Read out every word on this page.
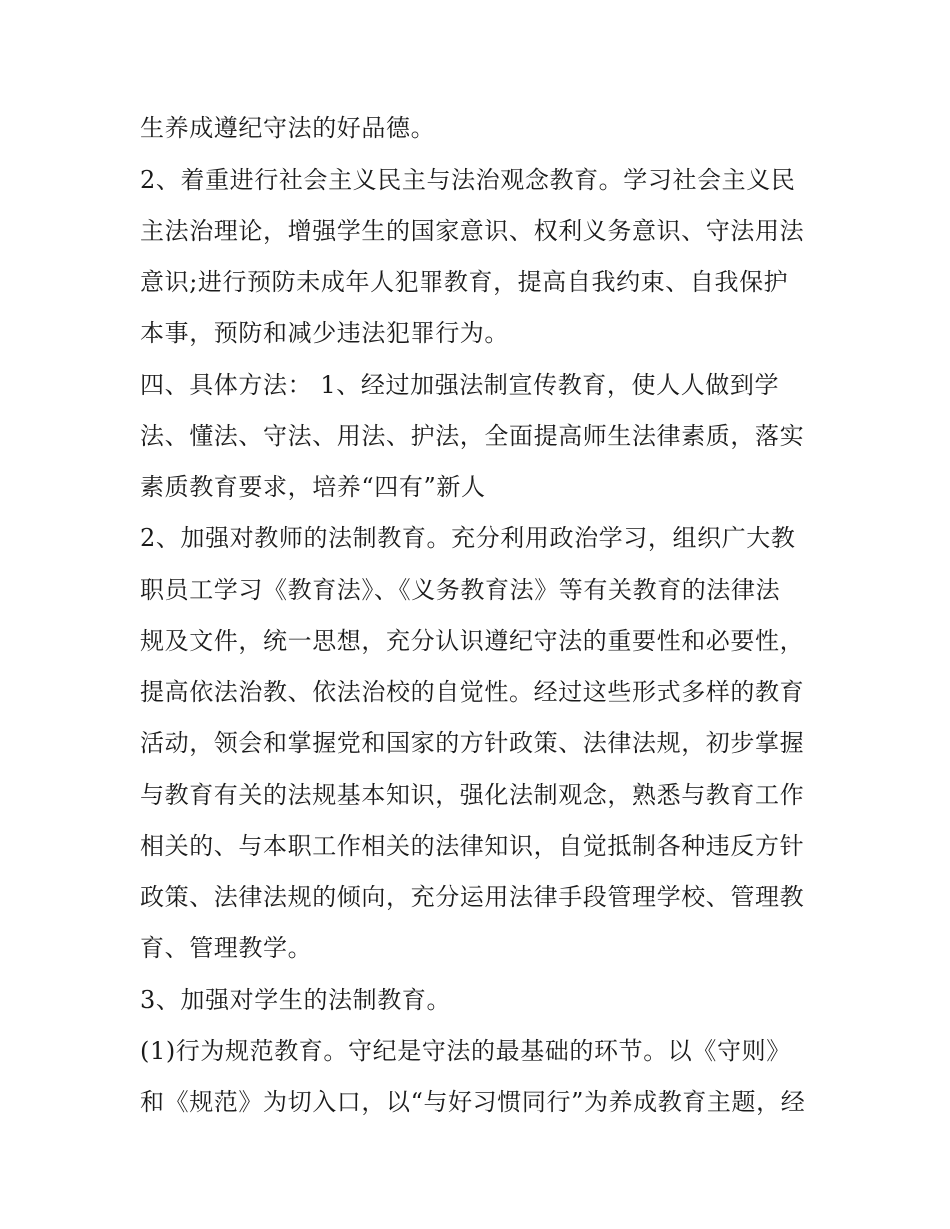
生养成遵纪守法的好品德。
2、着重进行社会主义民主与法治观念教育。学习社会主义民
主法治理论，增强学生的国家意识、权利义务意识、守法用法
意识;进行预防未成年人犯罪教育，提高自我约束、自我保护
本事，预防和减少违法犯罪行为。
四、具体方法： 1、经过加强法制宣传教育，使人人做到学
法、懂法、守法、用法、护法，全面提高师生法律素质，落实
素质教育要求，培养“四有”新人
2、加强对教师的法制教育。充分利用政治学习，组织广大教
职员工学习《教育法》、《义务教育法》等有关教育的法律法
规及文件，统一思想，充分认识遵纪守法的重要性和必要性，
提高依法治教、依法治校的自觉性。经过这些形式多样的教育
活动，领会和掌握党和国家的方针政策、法律法规，初步掌握
与教育有关的法规基本知识，强化法制观念，熟悉与教育工作
相关的、与本职工作相关的法律知识，自觉抵制各种违反方针
政策、法律法规的倾向，充分运用法律手段管理学校、管理教
育、管理教学。
3、加强对学生的法制教育。
(1)行为规范教育。守纪是守法的最基础的环节。以《守则》
和《规范》为切入口，以“与好习惯同行”为养成教育主题，经
